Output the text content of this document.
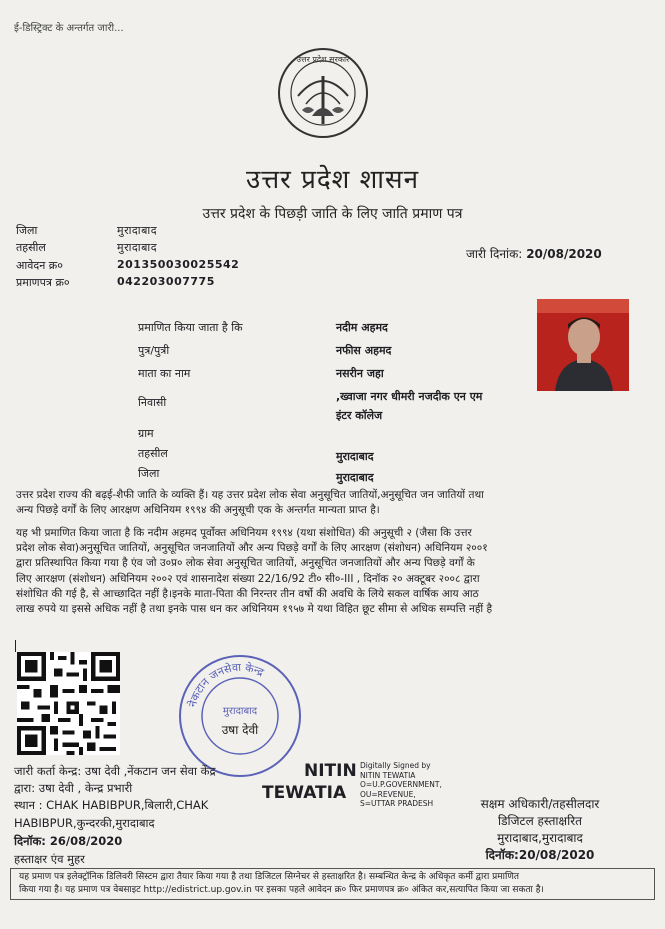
ई-डिस्ट्रिक्ट के अन्तर्गत जारी...
उत्तर प्रदेश सरकार
उत्तर प्रदेश शासन
उत्तर प्रदेश के पिछड़ी जाति के लिए जाति प्रमाण पत्र
जिला	मुरादाबाद
तहसील	मुरादाबाद
आवेदन क्र०	201350030025542
प्रमाणपत्र क्र०	042203007775
जारी दिनांक: 20/08/2020
प्रमाणित किया जाता है कि	नदीम अहमद
पुत्र/पुत्री	नफीस अहमद
माता का नाम	नसरीन जहा
निवासी	,ख्वाजा नगर धीमरी नजदीक एन एम
इंटर कॉलेज
ग्राम
तहसील	मुरादाबाद
जिला	मुरादाबाद
उत्तर प्रदेश राज्य की बढ़ई-शैफी जाति के व्यक्ति हैं। यह उत्तर प्रदेश लोक सेवा अनुसूचित जातियों,अनुसूचित जन जातियों तथा
अन्य पिछड़े वर्गों के लिए आरक्षण अधिनियम १९९४ की अनुसूची एक के अन्तर्गत मान्यता प्राप्त है।
यह भी प्रमाणित किया जाता है कि नदीम अहमद पूर्वोक्त अधिनियम १९९४ (यथा संशोधित) की अनुसूची २ (जैसा कि उत्तर
प्रदेश लोक सेवा)अनुसूचित जातियों, अनुसूचित जनजातियों और अन्य पिछड़े वर्गों के लिए आरक्षण (संशोधन) अधिनियम २००१
द्वारा प्रतिस्थापित किया गया है एंव जो उ०प्र० लोक सेवा अनुसूचित जातियों, अनुसूचित जनजातियों और अन्य पिछड़े वर्गों के
लिए आरक्षण (संशोधन) अधिनियम २००२ एवं शासनादेश संख्या 22/16/92 टी० सी०-III , दिनॉक २० अक्टूबर २००८ द्वारा
संशोधित की गई है, से आच्छादित नहीं है।इनके माता-पिता की निरन्तर तीन वर्षो की अवधि के लिये सकल वार्षिक आय आठ
लाख रुपये या इससे अधिक नहीं है तथा इनके पास धन कर अधिनियम १९५७ मे यथा विहित छूट सीमा से अधिक सम्पत्ति नहीं है
नेकटान जनसेवा केन्द्र
मुरादाबाद
उषा देवी
जारी कर्ता केन्द्र: उषा देवी ,नेंकटान जन सेवा केंद्र
द्वारा: उषा देवी , केन्द्र प्रभारी
स्थान : CHAK HABIBPUR,बिलारी,CHAK
HABIBPUR,कुन्दरकी,मुरादाबाद
दिनॉक: 26/08/2020
हस्ताक्षर एंव मुहर
NITIN
TEWATIA
Digitally Signed by
NITIN TEWATIA
O=U.P.GOVERNMENT,
OU=REVENUE,
S=UTTAR PRADESH	सक्षम अधिकारी/तहसीलदार
डिजिटल हस्ताक्षरित
मुरादाबाद,मुरादाबाद
दिनॉक:20/08/2020
यह प्रमाण पत्र इलेक्ट्रॉनिक डिलिवरी सिस्टम द्वारा तैयार किया गया है तथा डिजिटल सिग्नेचर से हस्ताक्षरित है। सम्बन्धित केन्द्र के अधिकृत कर्मी द्वारा प्रमाणित
किया गया है। यह प्रमाण पत्र वेबसाइट http://edistrict.up.gov.in पर इसका पहले आवेदन क्र० फिर प्रमाणपत्र क्र० अंकित कर,सत्यापित किया जा सकता है।
